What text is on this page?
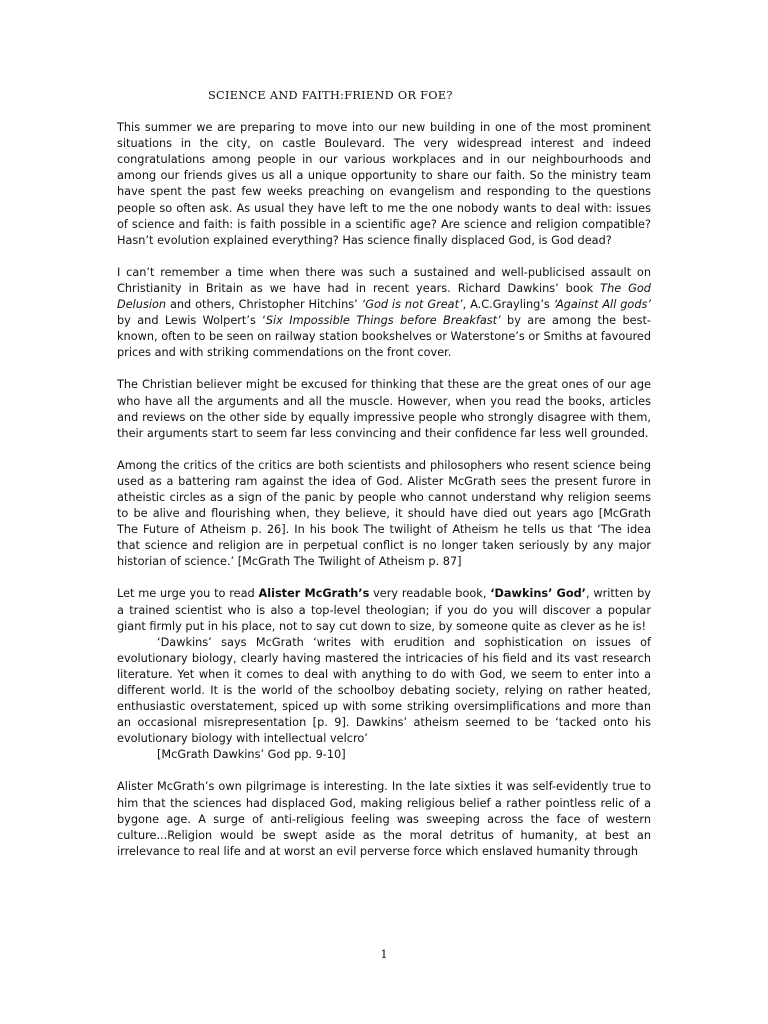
SCIENCE AND FAITH:FRIEND OR FOE?

This summer we are preparing to move into our new building in one of the most prominent situations in the city, on castle Boulevard. The very widespread interest and indeed congratulations among people in our various workplaces and in our neighbourhoods and among our friends gives us all a unique opportunity to share our faith. So the ministry team have spent the past few weeks preaching on evangelism and responding to the questions people so often ask. As usual they have left to me the one nobody wants to deal with: issues of science and faith: is faith possible in a scientific age? Are science and religion compatible? Hasn’t evolution explained everything? Has science finally displaced God, is God dead?

I can’t remember a time when there was such a sustained and well-publicised assault on Christianity in Britain as we have had in recent years. Richard Dawkins’ book The God Delusion and others, Christopher Hitchins’ ‘God is not Great’, A.C.Grayling’s ‘Against All gods’ by and Lewis Wolpert’s ‘Six Impossible Things before Breakfast’ by are among the best-known, often to be seen on railway station bookshelves or Waterstone’s or Smiths at favoured prices and with striking commendations on the front cover.

The Christian believer might be excused for thinking that these are the great ones of our age who have all the arguments and all the muscle. However, when you read the books, articles and reviews on the other side by equally impressive people who strongly disagree with them, their arguments start to seem far less convincing and their confidence far less well grounded.

Among the critics of the critics are both scientists and philosophers who resent science being used as a battering ram against the idea of God. Alister McGrath sees the present furore in atheistic circles as a sign of the panic by people who cannot understand why religion seems to be alive and flourishing when, they believe, it should have died out years ago [McGrath The Future of Atheism p. 26]. In his book The twilight of Atheism he tells us that ‘The idea that science and religion are in perpetual conflict is no longer taken seriously by any major historian of science.’ [McGrath The Twilight of Atheism p. 87]

Let me urge you to read Alister McGrath’s very readable book, ‘Dawkins’ God’, written by a trained scientist who is also a top-level theologian; if you do you will discover a popular giant firmly put in his place, not to say cut down to size, by someone quite as clever as he is!

‘Dawkins’ says McGrath ‘writes with erudition and sophistication on issues of evolutionary biology, clearly having mastered the intricacies of his field and its vast research literature. Yet when it comes to deal with anything to do with God, we seem to enter into a different world. It is the world of the schoolboy debating society, relying on rather heated, enthusiastic overstatement, spiced up with some striking oversimplifications and more than an occasional misrepresentation [p. 9]. Dawkins’ atheism seemed to be ‘tacked onto his evolutionary biology with intellectual velcro’

[McGrath Dawkins’ God pp. 9-10]

Alister McGrath’s own pilgrimage is interesting. In the late sixties it was self-evidently true to him that the sciences had displaced God, making religious belief a rather pointless relic of a bygone age. A surge of anti-religious feeling was sweeping across the face of western culture...Religion would be swept aside as the moral detritus of humanity, at best an irrelevance to real life and at worst an evil perverse force which enslaved humanity through

1
